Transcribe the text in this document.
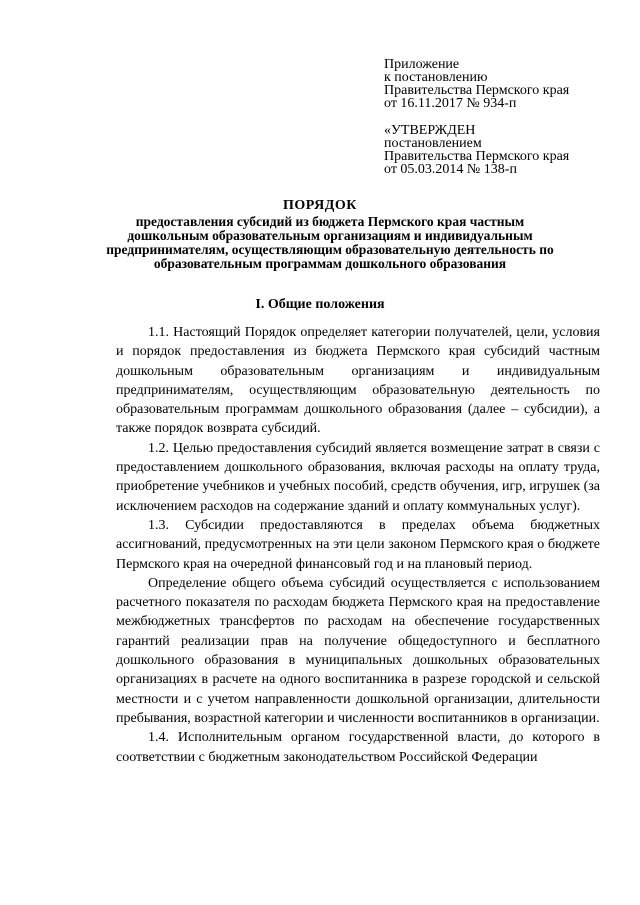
Приложение
к постановлению
Правительства Пермского края
от 16.11.2017 № 934-п
«УТВЕРЖДЕН
постановлением
Правительства Пермского края
от 05.03.2014 № 138-п
ПОРЯДОК
предоставления субсидий из бюджета Пермского края частным дошкольным образовательным организациям и индивидуальным предпринимателям, осуществляющим образовательную деятельность по образовательным программам дошкольного образования
I. Общие положения

1.1. Настоящий Порядок определяет категории получателей, цели, условия и порядок предоставления из бюджета Пермского края субсидий частным дошкольным образовательным организациям и индивидуальным предпринимателям, осуществляющим образовательную деятельность по образовательным программам дошкольного образования (далее – субсидии), а также порядок возврата субсидий.

1.2. Целью предоставления субсидий является возмещение затрат в связи с предоставлением дошкольного образования, включая расходы на оплату труда, приобретение учебников и учебных пособий, средств обучения, игр, игрушек (за исключением расходов на содержание зданий и оплату коммунальных услуг).

1.3. Субсидии предоставляются в пределах объема бюджетных ассигнований, предусмотренных на эти цели законом Пермского края о бюджете Пермского края на очередной финансовый год и на плановый период.

Определение общего объема субсидий осуществляется с использованием расчетного показателя по расходам бюджета Пермского края на предоставление межбюджетных трансфертов по расходам на обеспечение государственных гарантий реализации прав на получение общедоступного и бесплатного дошкольного образования в муниципальных дошкольных образовательных организациях в расчете на одного воспитанника в разрезе городской и сельской местности и с учетом направленности дошкольной организации, длительности пребывания, возрастной категории и численности воспитанников в организации.

1.4. Исполнительным органом государственной власти, до которого в соответствии с бюджетным законодательством Российской Федерации
